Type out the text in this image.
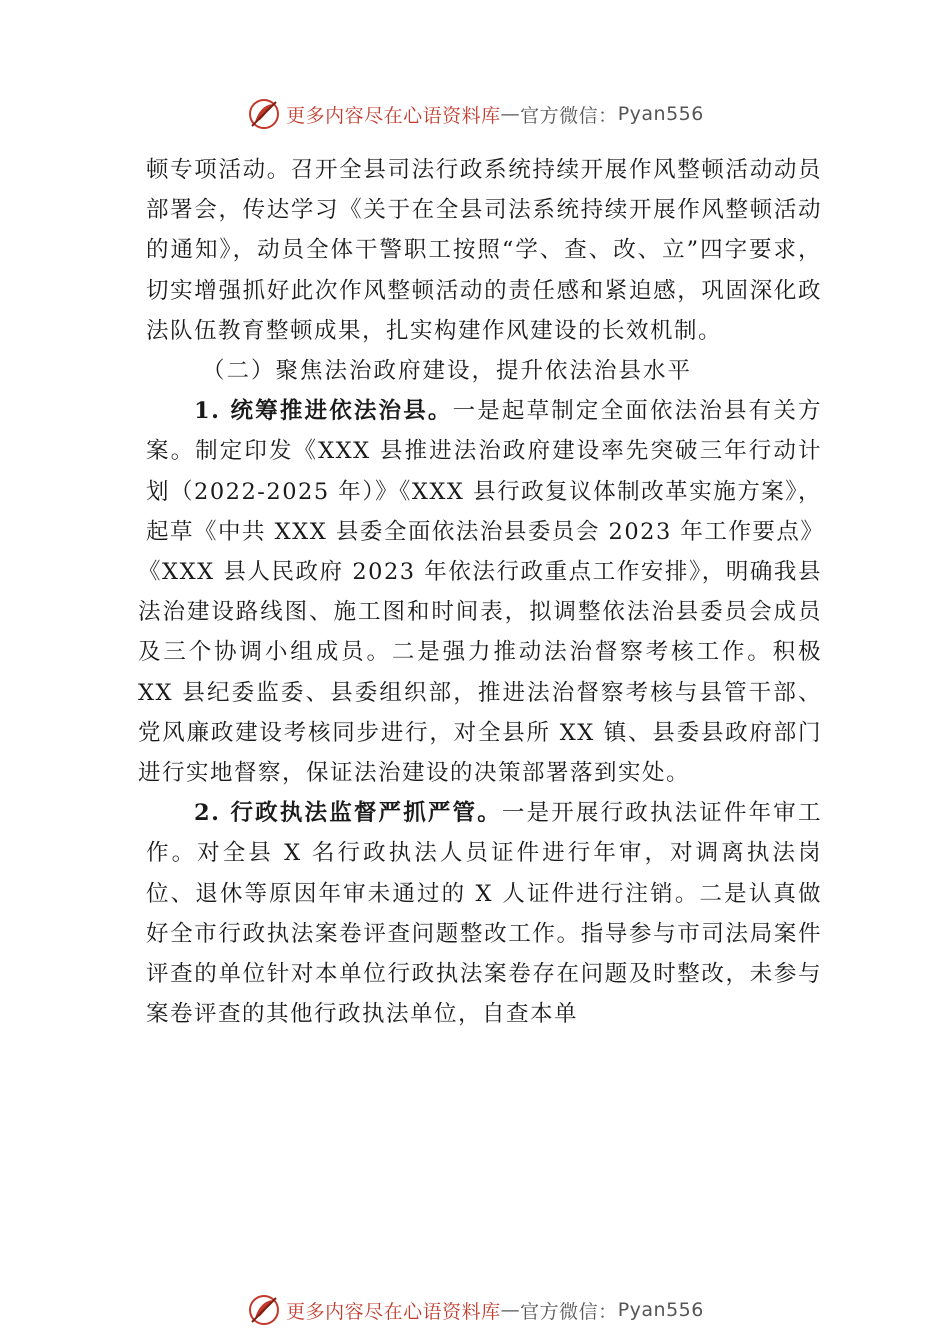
更多内容尽在心语资料库 — 官方微信： Pyan556

顿专项活动。召开全县司法行政系统持续开展作风整顿活动动员部署会，传达学习《关于在全县司法系统持续开展作风整顿活动的通知》，动员全体干警职工按照“学、查、改、立”四字要求，切实增强抓好此次作风整顿活动的责任感和紧迫感，巩固深化政法队伍教育整顿成果，扎实构建作风建设的长效机制。

（二）聚焦法治政府建设，提升依法治县水平

1. 统筹推进依法治县。一是起草制定全面依法治县有关方案。制定印发《XXX 县推进法治政府建设率先突破三年行动计划（2022-2025 年）》《XXX 县行政复议体制改革实施方案》， 起草《中共 XXX 县委全面依法治县委员会 2023 年工作要点》

《XXX 县人民政府 2023 年依法行政重点工作安排》，明确我县法治建设路线图、施工图和时间表，拟调整依法治县委员会成员及三个协调小组成员。二是强力推动法治督察考核工作。积极 XX 县纪委监委、县委组织部，推进法治督察考核与县管干部、党风廉政建设考核同步进行，对全县所 XX 镇、县委县政府部门进行实地督察，保证法治建设的决策部署落到实处。

2. 行政执法监督严抓严管。一是开展行政执法证件年审工作。对全县 X 名行政执法人员证件进行年审，对调离执法岗位、退休等原因年审未通过的 X 人证件进行注销。二是认真做好全市行政执法案卷评查问题整改工作。指导参与市司法局案件评查的单位针对本单位行政执法案卷存在问题及时整改，未参与案卷评查的其他行政执法单位，自查本单

更多内容尽在心语资料库 — 官方微信： Pyan556
